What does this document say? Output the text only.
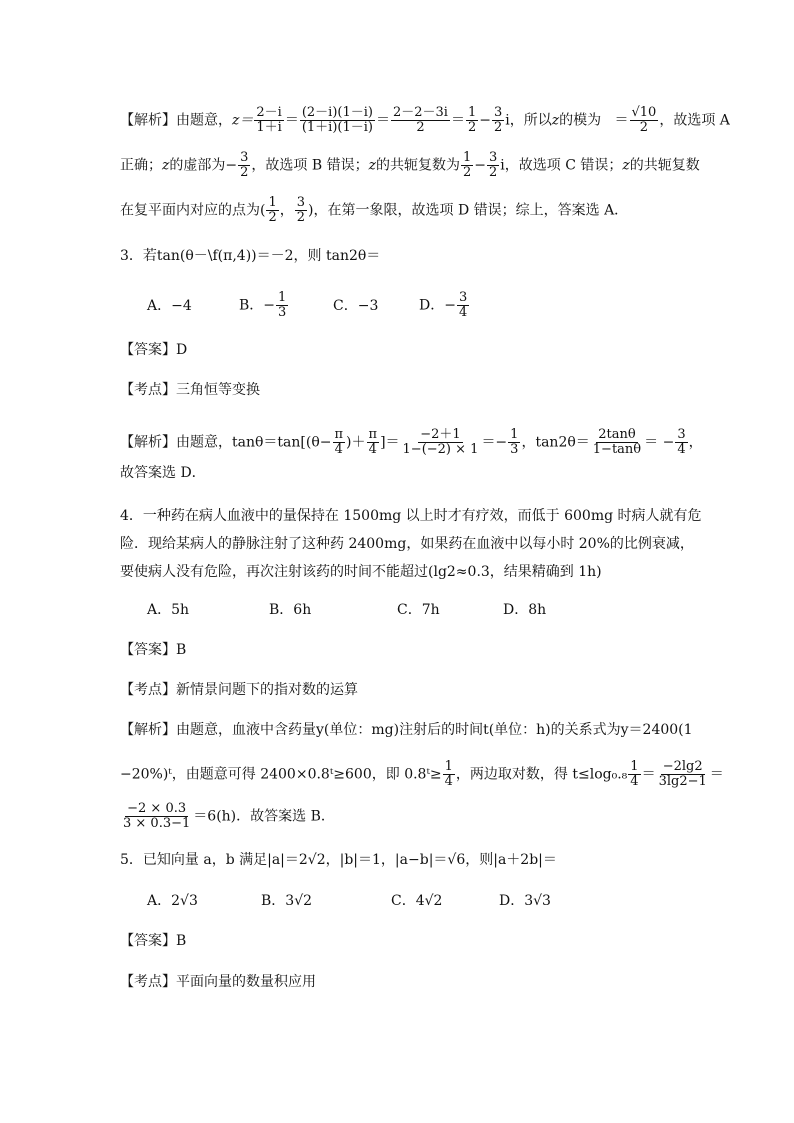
【解析】由题意，$z= \frac{2-i}{1+i} = \frac{(2-i)(1-i)}{(1+i)(1-i)} = \frac{2-2-3i}{2} = \frac{1}{2} - \frac{3}{2}$ i，所以z的模为 ＝ $\frac{√10}{2}$ ，故选项 A
正确；z的虚部为− $\frac{3}{2}$ ，故选项 B 错误；z的共轭复数为 $\frac{1}{2} - \frac{3}{2}$ i，故选项 C 错误；z的共轭复数
在复平面内对应的点为( $\frac{1}{2}$ ， $\frac{3}{2}$ )，在第一象限，故选项 D 错误；综上，答案选 A．
3．若tan(θ－\f(π,4))＝－2，则 tan2θ＝
A．−4	B．− $\frac{1}{3}$	C．−3	D．− $\frac{3}{4}$
【答案】D
【考点】三角恒等变换
【解析】由题意，$\tan\theta=\tan[(\theta- \frac{\pi}{4}$ )＋ $\frac{\pi}{4}$ ]＝ $\frac{-2+1}{1-(-2) \times 1} =- \frac{1}{3}$ ，$\tan 2\theta= \frac{2\tan\theta}{1-\tan\theta}$ ＝ − $\frac{3}{4}$ ，
故答案选 D．
4．一种药在病人血液中的量保持在 1500mg 以上时才有疗效，而低于 600mg 时病人就有危
险．现给某病人的静脉注射了这种药 2400mg，如果药在血液中以每小时 20%的比例衰减，
要使病人没有危险，再次注射该药的时间不能超过(lg2≈0.3，结果精确到 1h)
A．5h	B．6h	C．7h	D．8h
【答案】B
【考点】新情景问题下的指对数的运算
【解析】由题意，血液中含药量y(单位：mg)注射后的时间t(单位：h)的关系式为y＝2400(1
−20%)ᵗ，由题意可得 2400×0.8ᵗ≥600，即 0.8ᵗ≥ $\frac{1}{4}$ ，两边取对数，得 $t\le\log_0._8 \frac{1}{4} = \frac{-2\lg 2}{3\lg 2-1}$ ＝
$\frac{-2 \times 0.3}{3 \times 0.3-1} =6(h)$．故答案选 B．
5．已知向量 a，b 满足|a|＝2√2，|b|＝1，|a−b|＝√6，则|a＋2b|＝
A．2√3	B．3√2	C．4√2	D．3√3
【答案】B
【考点】平面向量的数量积应用
